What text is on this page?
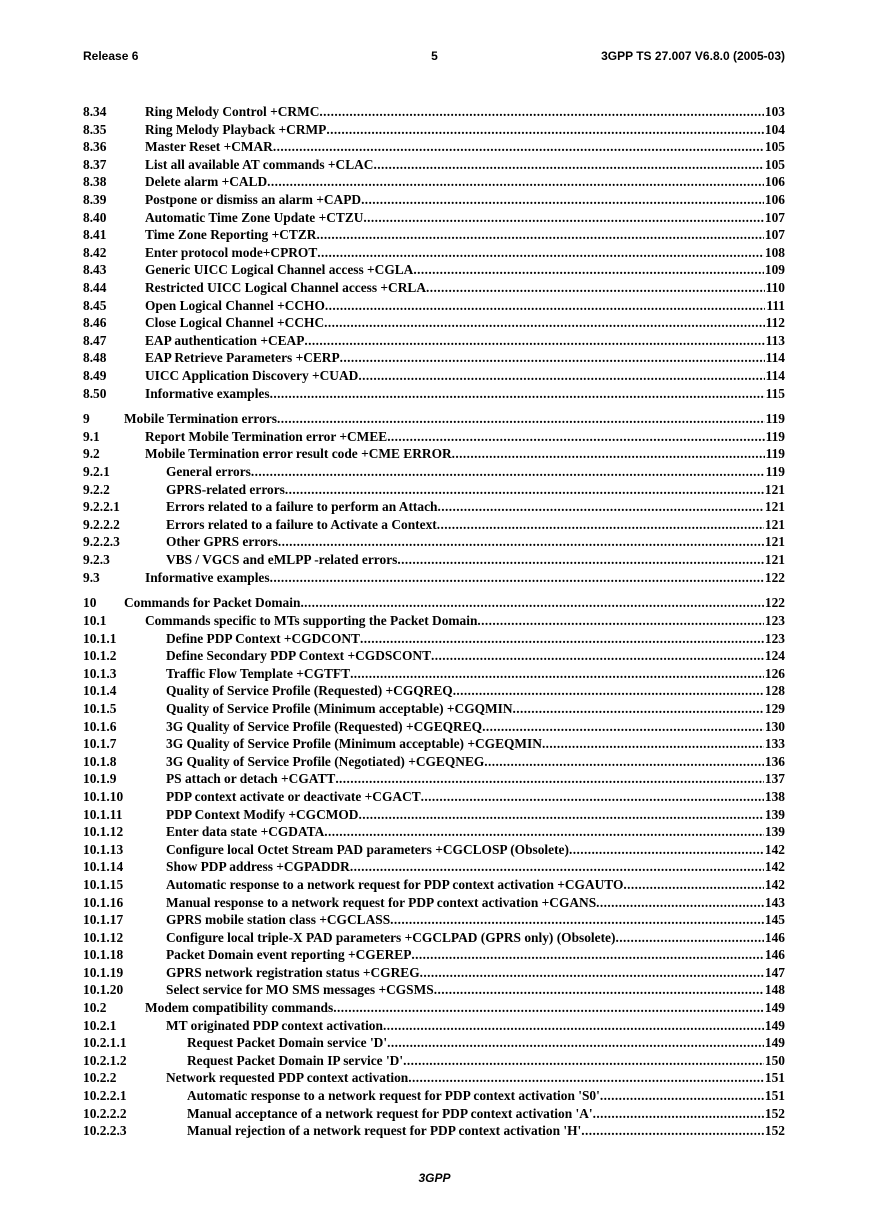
Release 6	5	3GPP TS 27.007 V6.8.0 (2005-03)
8.34	Ring Melody Control +CRMC .....	103
8.35	Ring Melody Playback +CRMP .....	104
8.36	Master Reset +CMAR .....	105
8.37	List all available AT commands +CLAC .....	105
8.38	Delete alarm +CALD .....	106
8.39	Postpone or dismiss an alarm +CAPD .....	106
8.40	Automatic Time Zone Update +CTZU .....	107
8.41	Time Zone Reporting +CTZR .....	107
8.42	Enter protocol mode+CPROT .....	108
8.43	Generic UICC Logical Channel access +CGLA .....	109
8.44	Restricted UICC Logical Channel access +CRLA .....	110
8.45	Open Logical Channel +CCHO .....	111
8.46	Close Logical Channel +CCHC .....	112
8.47	EAP authentication +CEAP .....	113
8.48	EAP Retrieve Parameters +CERP .....	114
8.49	UICC Application Discovery +CUAD .....	114
8.50	Informative examples .....	115
9	Mobile Termination errors .....	119
9.1	Report Mobile Termination error +CMEE .....	119
9.2	Mobile Termination error result code +CME ERROR .....	119
9.2.1	General errors .....	119
9.2.2	GPRS-related errors .....	121
9.2.2.1	Errors related to a failure to perform an Attach .....	121
9.2.2.2	Errors related to a failure to Activate a Context .....	121
9.2.2.3	Other GPRS errors .....	121
9.2.3	VBS / VGCS and eMLPP -related errors .....	121
9.3	Informative examples .....	122
10 Commands for Packet Domain .....	122
10.1	Commands specific to MTs supporting the Packet Domain .....	123
10.1.1	Define PDP Context +CGDCONT .....	123
10.1.2	Define Secondary PDP Context +CGDSCONT .....	124
10.1.3	Traffic Flow Template +CGTFT .....	126
10.1.4	Quality of Service Profile (Requested) +CGQREQ .....	128
10.1.5	Quality of Service Profile (Minimum acceptable) +CGQMIN .....	129
10.1.6	3G Quality of Service Profile (Requested) +CGEQREQ .....	130
10.1.7	3G Quality of Service Profile (Minimum acceptable) +CGEQMIN .....	133
10.1.8	3G Quality of Service Profile (Negotiated) +CGEQNEG .....	136
10.1.9	PS attach or detach +CGATT .....	137
10.1.10	PDP context activate or deactivate +CGACT .....	138
10.1.11	PDP Context Modify +CGCMOD .....	139
10.1.12	Enter data state +CGDATA .....	139
10.1.13	Configure local Octet Stream PAD parameters +CGCLOSP (Obsolete) .....	142
10.1.14	Show PDP address +CGPADDR .....	142
10.1.15	Automatic response to a network request for PDP context activation +CGAUTO .....	142
10.1.16	Manual response to a network request for PDP context activation +CGANS .....	143
10.1.17	GPRS mobile station class +CGCLASS .....	145
10.1.12	Configure local triple-X PAD parameters +CGCLPAD (GPRS only) (Obsolete) .....	146
10.1.18	Packet Domain event reporting +CGEREP .....	146
10.1.19	GPRS network registration status +CGREG .....	147
10.1.20	Select service for MO SMS messages +CGSMS .....	148
10.2	Modem compatibility commands .....	149
10.2.1	MT originated PDP context activation .....	149
10.2.1.1	Request Packet Domain service 'D' .....	149
10.2.1.2	Request Packet Domain IP service 'D' .....	150
10.2.2	Network requested PDP context activation .....	151
10.2.2.1	Automatic response to a network request for PDP context activation 'S0' .....	151
10.2.2.2	Manual acceptance of a network request for PDP context activation 'A' .....	152
10.2.2.3	Manual rejection of a network request for PDP context activation 'H' .....	152
3GPP
